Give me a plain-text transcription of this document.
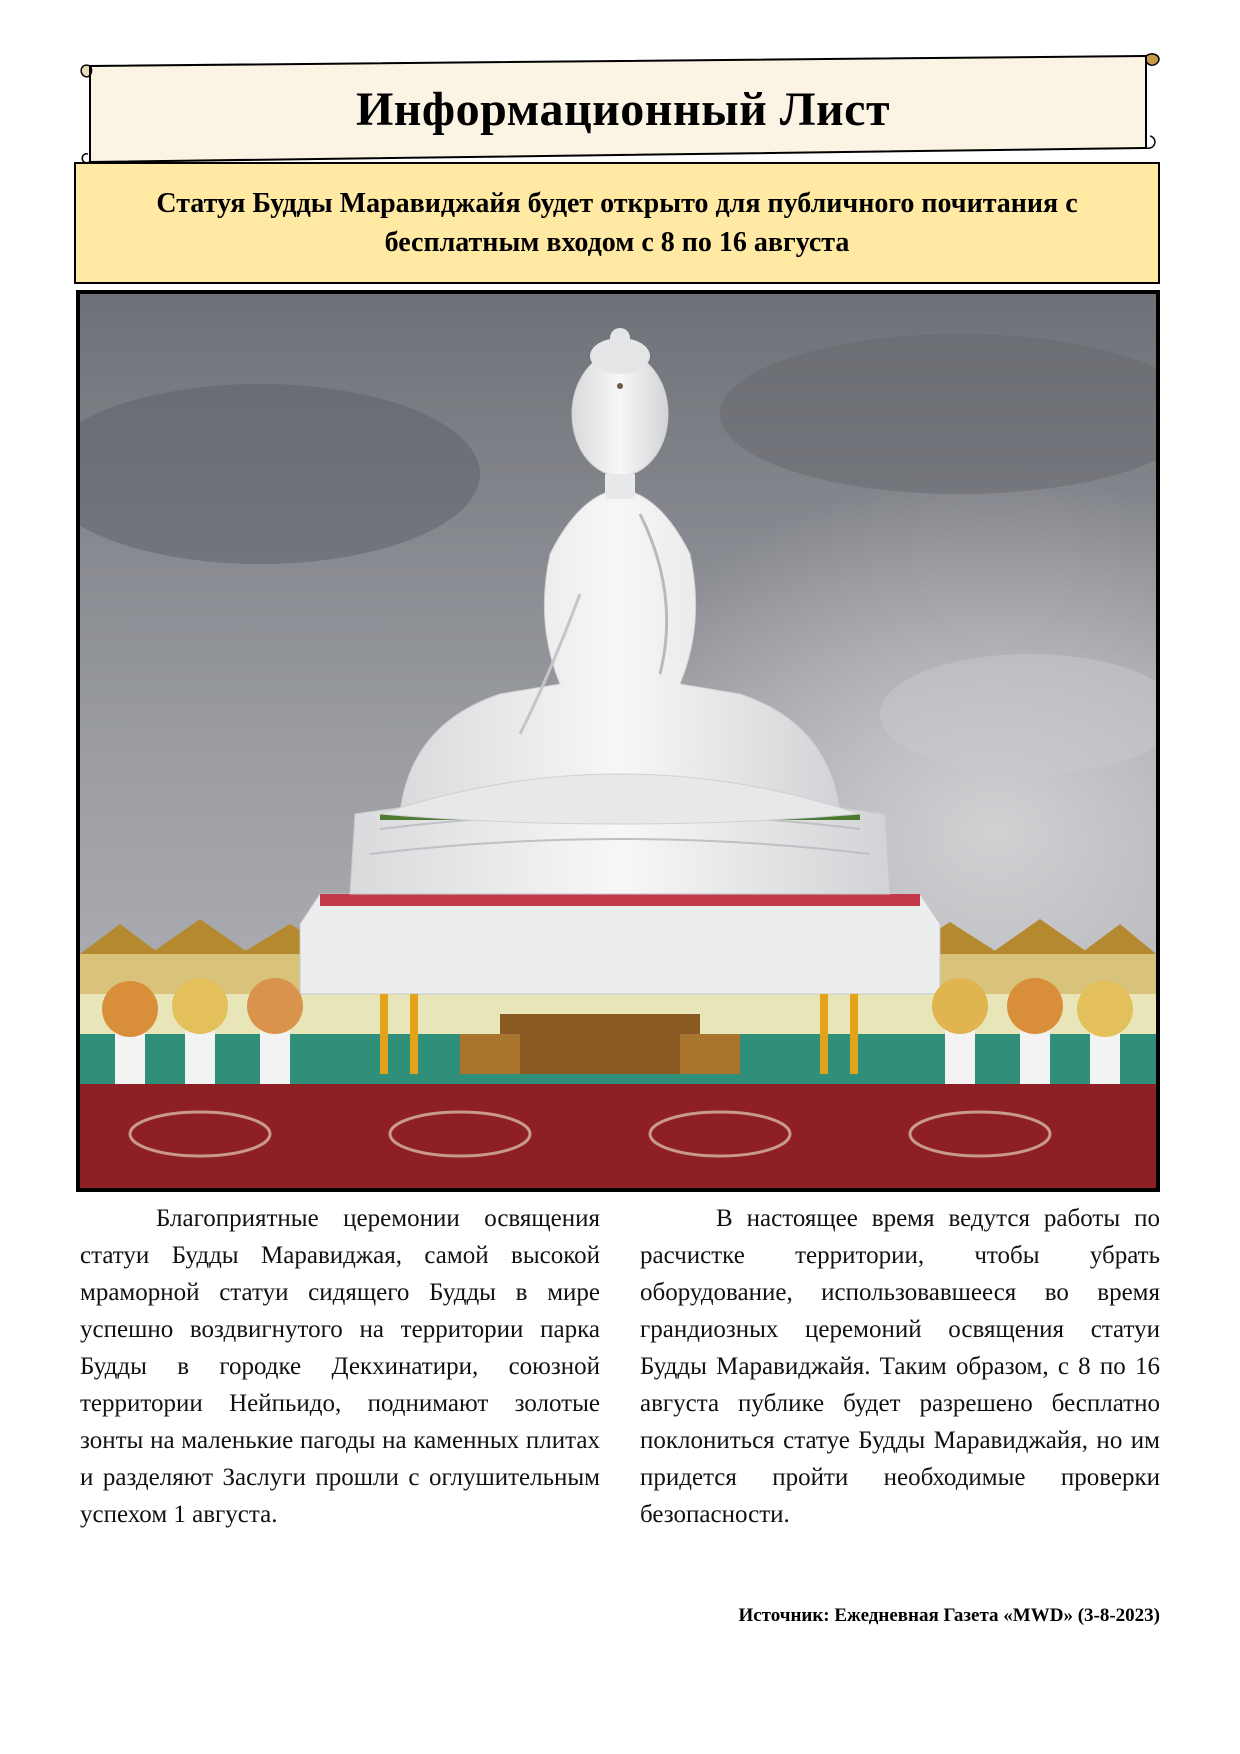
Информационный Лист
Статуя Будды Маравиджайя будет открыто для публичного почитания с бесплатным входом с 8 по 16 августа
Благоприятные церемонии освящения статуи Будды Маравиджая, самой высокой мраморной статуи сидящего Будды в мире успешно воздвигнутого на территории парка Будды в городке Декхинатири, союзной территории Нейпьидо, поднимают золотые зонты на маленькие пагоды на каменных плитах и разделяют Заслуги прошли с оглушительным успехом 1 августа.
В настоящее время ведутся работы по расчистке территории, чтобы убрать оборудование, использовавшееся во время грандиозных церемоний освящения статуи Будды Маравиджайя. Таким образом, с 8 по 16 августа публике будет разрешено бесплатно поклониться статуе Будды Маравиджайя, но им придется пройти необходимые проверки безопасности.
Источник: Ежедневная Газета «MWD» (3-8-2023)
